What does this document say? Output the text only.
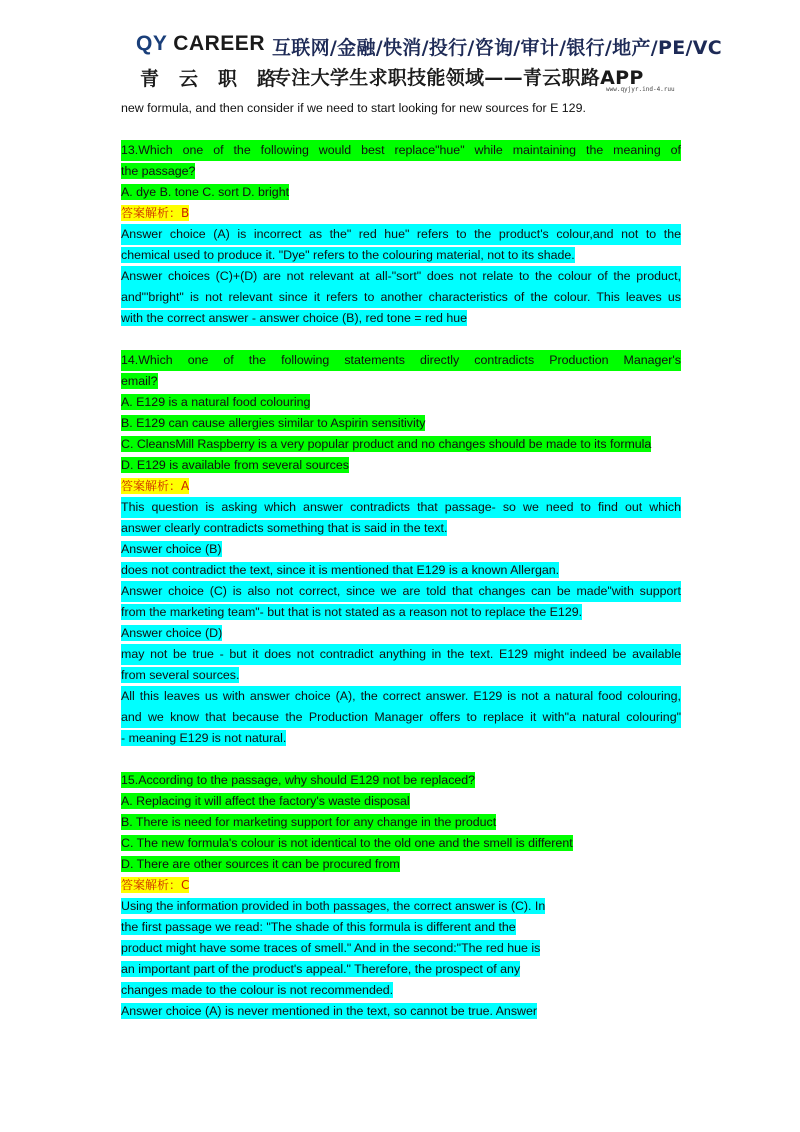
QY CAREER
青云职路
互联网/金融/快消/投行/咨询/审计/银行/地产/PE/VC
专注大学生求职技能领域——青云职路APP
www.qyjyr.ind-4.ruu
new formula, and then consider if we need to start looking for new sources for E 129.
13.Which one of the following would best replace"hue" while maintaining the meaning of
the passage?
A. dye B. tone C. sort D. bright
答案解析：B
Answer choice (A) is incorrect as the" red hue" refers to the product's colour,and not to the
chemical used to produce it. "Dye" refers to the colouring material, not to its shade.
Answer choices (C)+(D) are not relevant at all-"sort" does not relate to the colour of the product,
and"'bright" is not relevant since it refers to another characteristics of the colour. This leaves us
with the correct answer - answer choice (B), red tone = red hue
14.Which one of the following statements directly contradicts Production Manager's
email?
A. E129 is a natural food colouring
B. E129 can cause allergies similar to Aspirin sensitivity
C. CleansMill Raspberry is a very popular product and no changes should be made to its formula
D. E129 is available from several sources
答案解析：A
This question is asking which answer contradicts that passage- so we need to find out which
answer clearly contradicts something that is said in the text.
Answer choice (B)
does not contradict the text, since it is mentioned that E129 is a known Allergan.
Answer choice (C) is also not correct, since we are told that changes can be made"with support
from the marketing team"- but that is not stated as a reason not to replace the E129.
Answer choice (D)
may not be true - but it does not contradict anything in the text. E129 might indeed be available
from several sources.
All this leaves us with answer choice (A), the correct answer. E129 is not a natural food colouring,
and we know that because the Production Manager offers to replace it with"a natural colouring"
- meaning E129 is not natural.
15.According to the passage, why should E129 not be replaced?
A. Replacing it will affect the factory's waste disposal
B. There is need for marketing support for any change in the product
C. The new formula's colour is not identical to the old one and the smell is different
D. There are other sources it can be procured from
答案解析：C
Using the information provided in both passages, the correct answer is (C). In
the first passage we read: "The shade of this formula is different and the
product might have some traces of smell." And in the second:"The red hue is
an important part of the product's appeal." Therefore, the prospect of any
changes made to the colour is not recommended.
Answer choice (A) is never mentioned in the text, so cannot be true. Answer
